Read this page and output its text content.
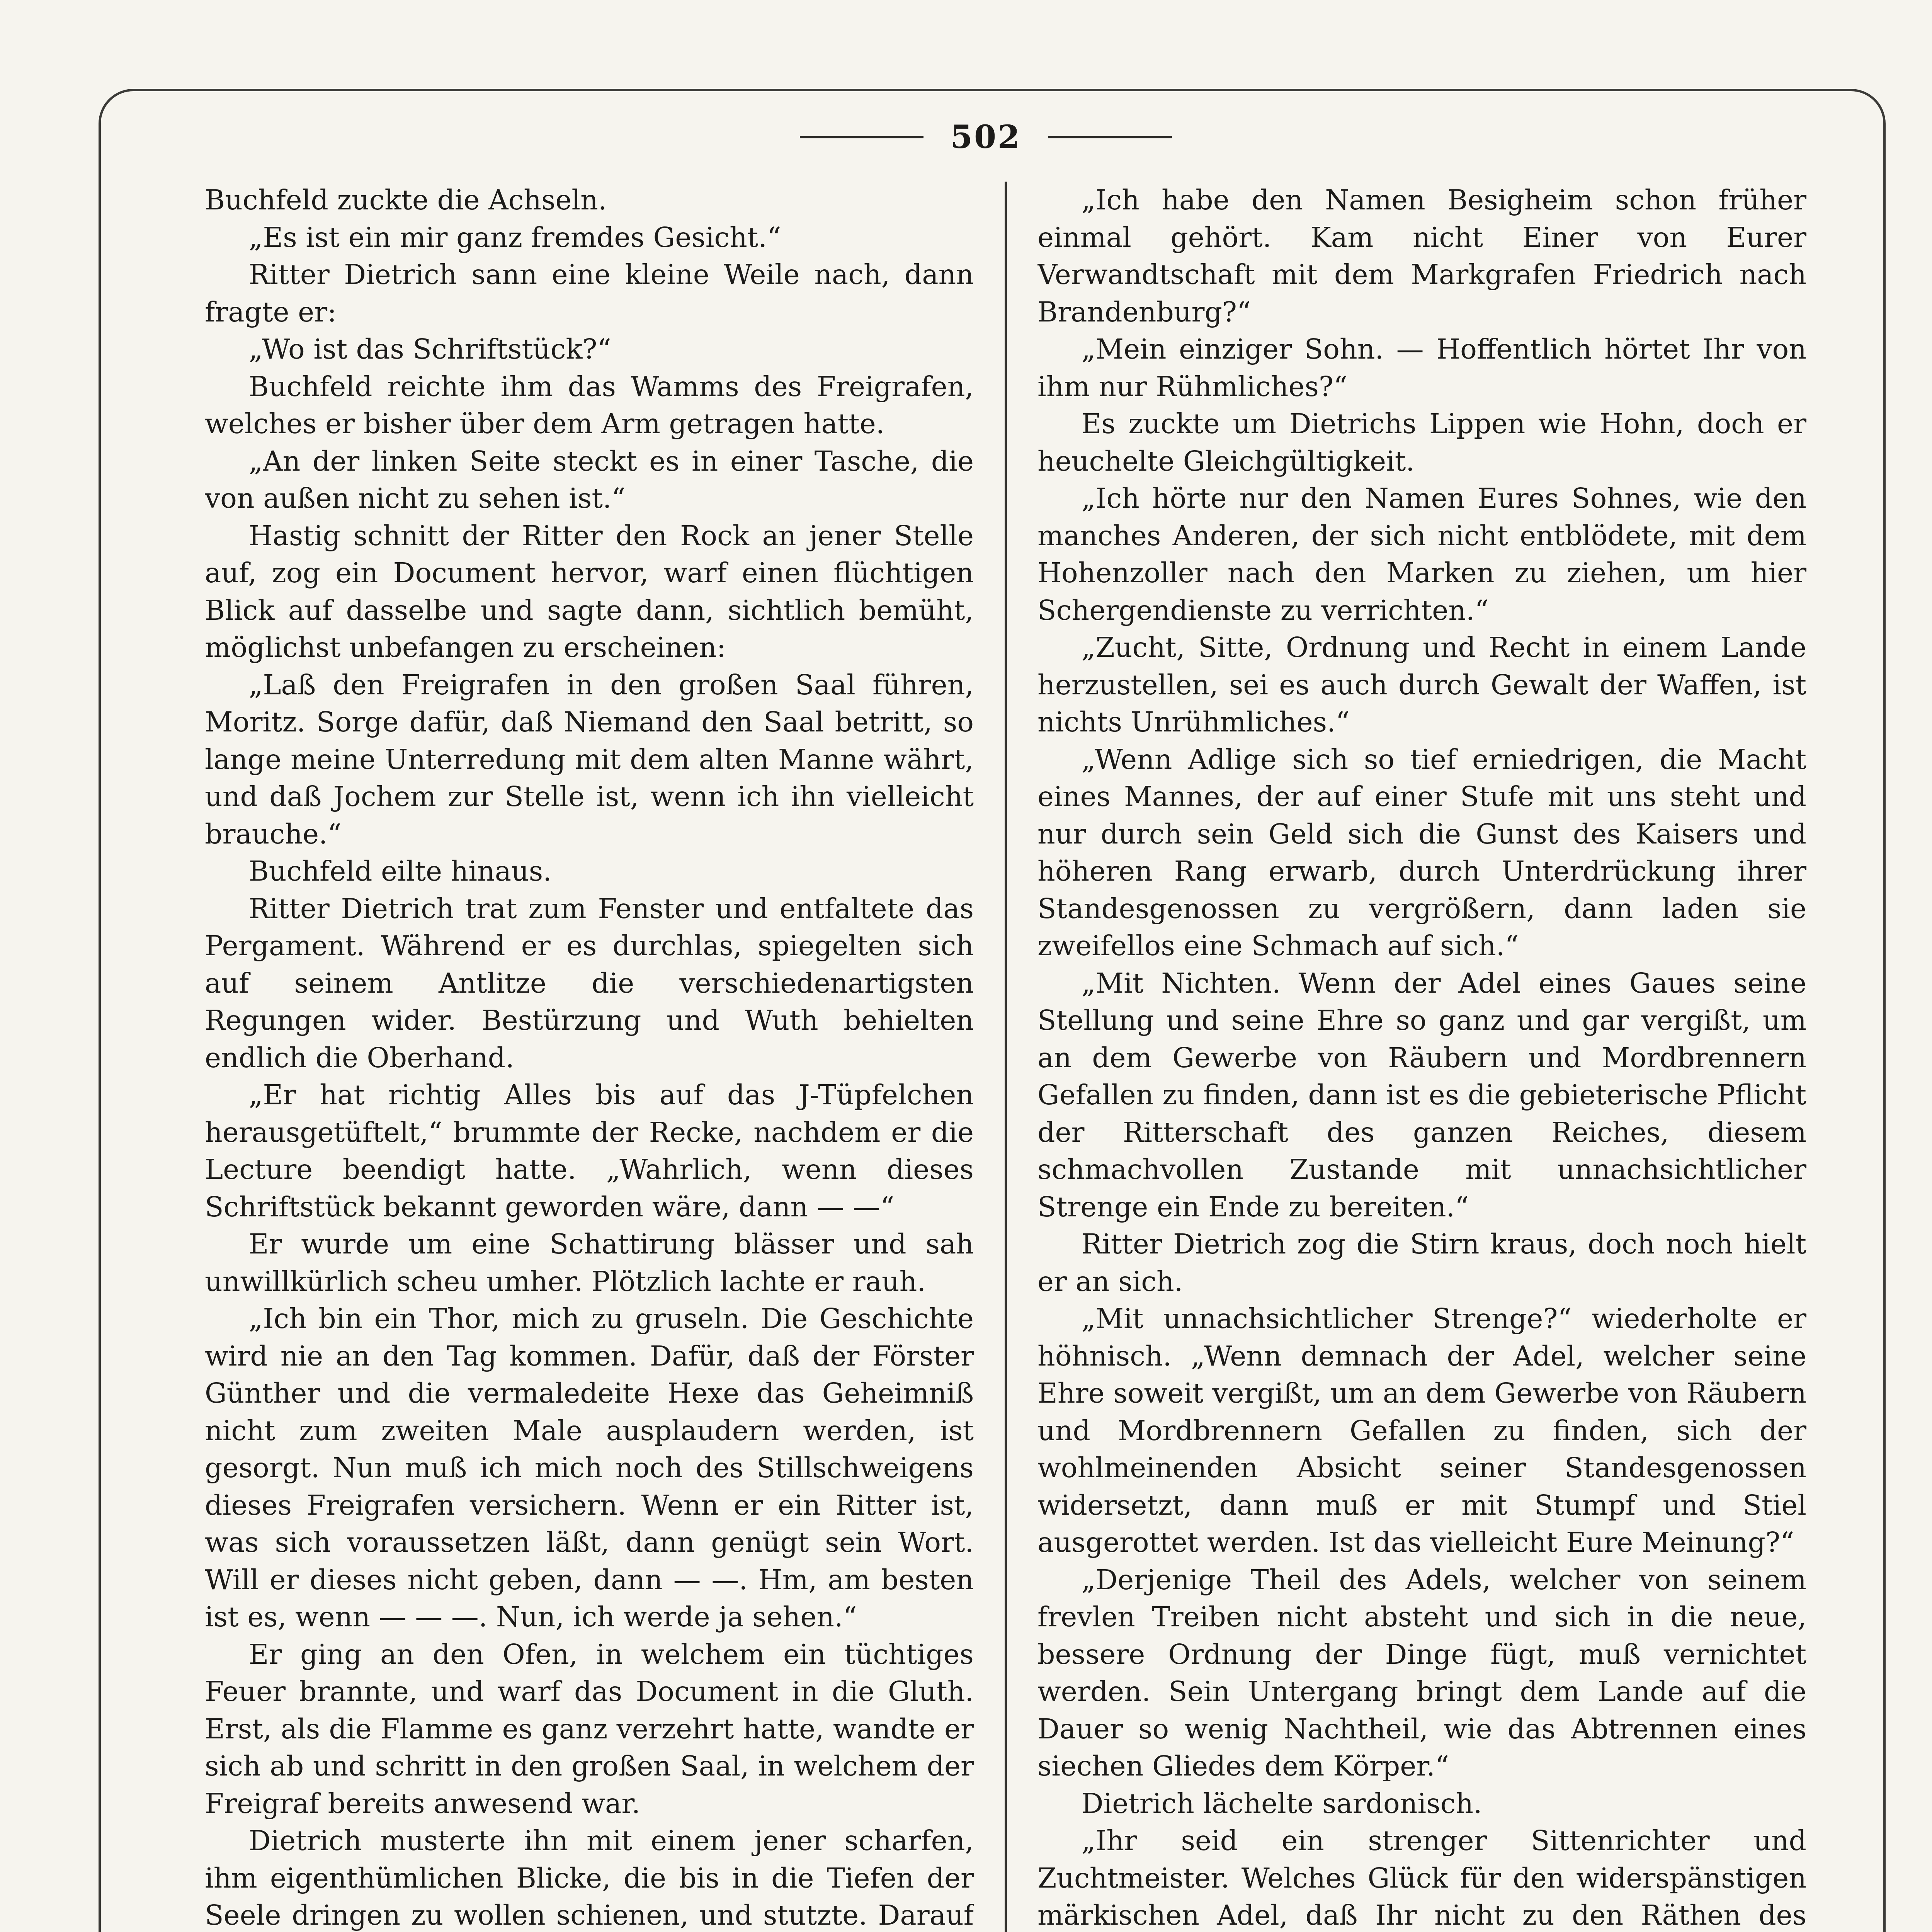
502

Buchfeld zuckte die Achseln.

„Es ist ein mir ganz fremdes Gesicht.“

Ritter Dietrich sann eine kleine Weile nach, dann fragte er:

„Wo ist das Schriftstück?“

Buchfeld reichte ihm das Wamms des Freigrafen, welches er bisher über dem Arm getragen hatte.

„An der linken Seite steckt es in einer Tasche, die von außen nicht zu sehen ist.“

Hastig schnitt der Ritter den Rock an jener Stelle auf, zog ein Document hervor, warf einen flüchtigen Blick auf dasselbe und sagte dann, sichtlich bemüht, möglichst unbefangen zu erscheinen:

„Laß den Freigrafen in den großen Saal führen, Moritz. Sorge dafür, daß Niemand den Saal betritt, so lange meine Unterredung mit dem alten Manne währt, und daß Jochem zur Stelle ist, wenn ich ihn vielleicht brauche.“

Buchfeld eilte hinaus.

Ritter Dietrich trat zum Fenster und entfaltete das Pergament. Während er es durchlas, spiegelten sich auf seinem Antlitze die verschiedenartigsten Regungen wider. Bestürzung und Wuth behielten endlich die Oberhand.

„Er hat richtig Alles bis auf das J-Tüpfelchen herausgetüftelt,“ brummte der Recke, nachdem er die Lecture beendigt hatte. „Wahrlich, wenn dieses Schriftstück bekannt geworden wäre, dann — —“

Er wurde um eine Schattirung blässer und sah unwillkürlich scheu umher. Plötzlich lachte er rauh.

„Ich bin ein Thor, mich zu gruseln. Die Geschichte wird nie an den Tag kommen. Dafür, daß der Förster Günther und die vermaledeite Hexe das Geheimniß nicht zum zweiten Male ausplaudern werden, ist gesorgt. Nun muß ich mich noch des Stillschweigens dieses Freigrafen versichern. Wenn er ein Ritter ist, was sich voraussetzen läßt, dann genügt sein Wort. Will er dieses nicht geben, dann — —. Hm, am besten ist es, wenn — — —. Nun, ich werde ja sehen.“

Er ging an den Ofen, in welchem ein tüchtiges Feuer brannte, und warf das Document in die Gluth. Erst, als die Flamme es ganz verzehrt hatte, wandte er sich ab und schritt in den großen Saal, in welchem der Freigraf bereits anwesend war.

Dietrich musterte ihn mit einem jener scharfen, ihm eigenthümlichen Blicke, die bis in die Tiefen der Seele dringen zu wollen schienen, und stutzte. Darauf

„Ich habe den Namen Besigheim schon früher einmal gehört. Kam nicht Einer von Eurer Verwandtschaft mit dem Markgrafen Friedrich nach Brandenburg?“

„Mein einziger Sohn. — Hoffentlich hörtet Ihr von ihm nur Rühmliches?“

Es zuckte um Dietrichs Lippen wie Hohn, doch er heuchelte Gleichgültigkeit.

„Ich hörte nur den Namen Eures Sohnes, wie den manches Anderen, der sich nicht entblödete, mit dem Hohenzoller nach den Marken zu ziehen, um hier Schergendienste zu verrichten.“

„Zucht, Sitte, Ordnung und Recht in einem Lande herzustellen, sei es auch durch Gewalt der Waffen, ist nichts Unrühmliches.“

„Wenn Adlige sich so tief erniedrigen, die Macht eines Mannes, der auf einer Stufe mit uns steht und nur durch sein Geld sich die Gunst des Kaisers und höheren Rang erwarb, durch Unterdrückung ihrer Standesgenossen zu vergrößern, dann laden sie zweifellos eine Schmach auf sich.“

„Mit Nichten. Wenn der Adel eines Gaues seine Stellung und seine Ehre so ganz und gar vergißt, um an dem Gewerbe von Räubern und Mordbrennern Gefallen zu finden, dann ist es die gebieterische Pflicht der Ritterschaft des ganzen Reiches, diesem schmachvollen Zustande mit unnachsichtlicher Strenge ein Ende zu bereiten.“

Ritter Dietrich zog die Stirn kraus, doch noch hielt er an sich.

„Mit unnachsichtlicher Strenge?“ wiederholte er höhnisch. „Wenn demnach der Adel, welcher seine Ehre soweit vergißt, um an dem Gewerbe von Räubern und Mordbrennern Gefallen zu finden, sich der wohlmeinenden Absicht seiner Standesgenossen widersetzt, dann muß er mit Stumpf und Stiel ausgerottet werden. Ist das vielleicht Eure Meinung?“

„Derjenige Theil des Adels, welcher von seinem frevlen Treiben nicht absteht und sich in die neue, bessere Ordnung der Dinge fügt, muß vernichtet werden. Sein Untergang bringt dem Lande auf die Dauer so wenig Nachtheil, wie das Abtrennen eines siechen Gliedes dem Körper.“

Dietrich lächelte sardonisch.

„Ihr seid ein strenger Sittenrichter und Zuchtmeister. Welches Glück für den widerspänstigen märkischen Adel, daß Ihr nicht zu den Räthen des
